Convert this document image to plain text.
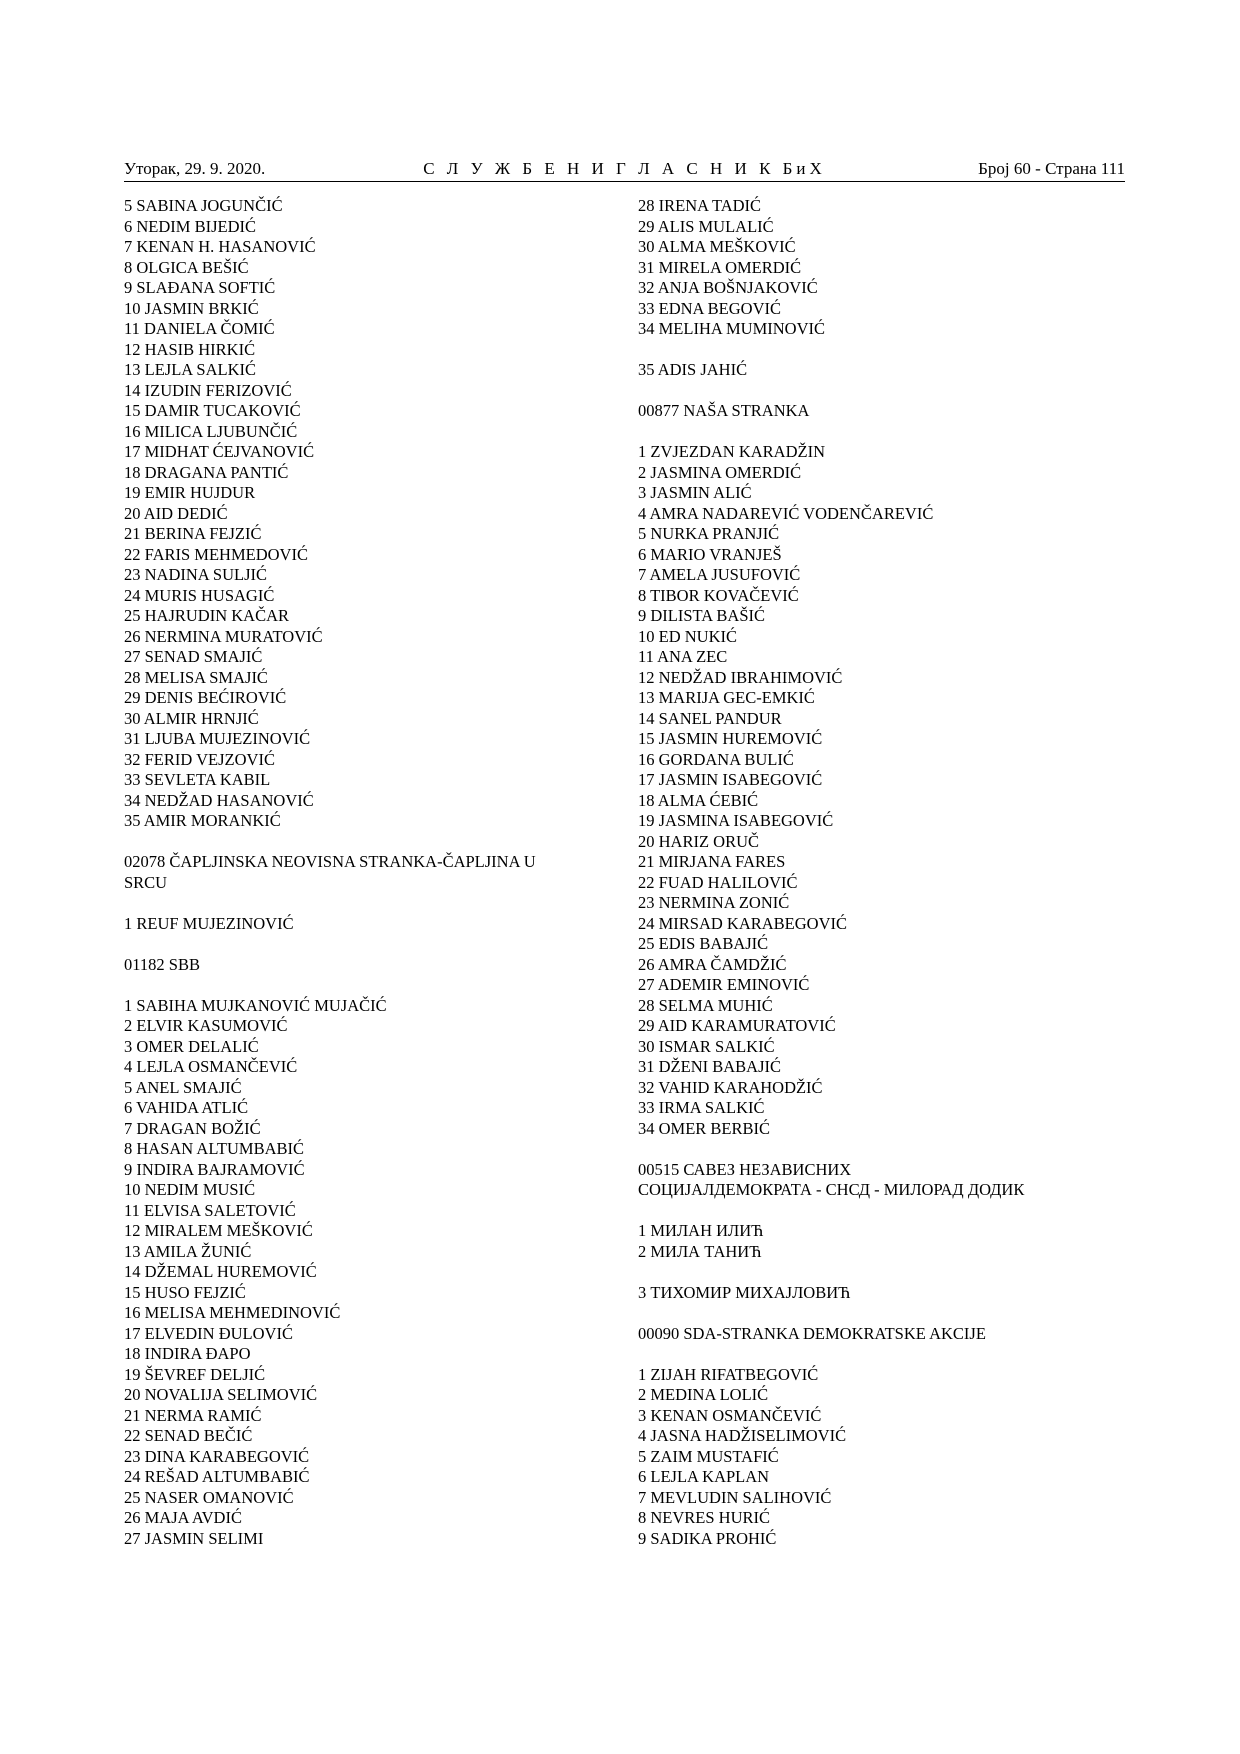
Уторак, 29. 9. 2020.	С Л У Ж Б Е Н И Г Л А С Н И К БиХ	Број 60 - Страна 111
5 SABINA JOGUNČIĆ
6 NEDIM BIJEDIĆ
7 KENAN H. HASANOVIĆ
8 OLGICA BEŠIĆ
9 SLAĐANA SOFTIĆ
10 JASMIN BRKIĆ
11 DANIELA ČOMIĆ
12 HASIB HIRKIĆ
13 LEJLA SALKIĆ
14 IZUDIN FERIZOVIĆ
15 DAMIR TUCAKOVIĆ
16 MILICA LJUBUNČIĆ
17 MIDHAT ĆEJVANOVIĆ
18 DRAGANA PANTIĆ
19 EMIR HUJDUR
20 AID DEDIĆ
21 BERINA FEJZIĆ
22 FARIS MEHMEDOVIĆ
23 NADINA SULJIĆ
24 MURIS HUSAGIĆ
25 HAJRUDIN KAČAR
26 NERMINA MURATOVIĆ
27 SENAD SMAJIĆ
28 MELISA SMAJIĆ
29 DENIS BEĆIROVIĆ
30 ALMIR HRNJIĆ
31 LJUBA MUJEZINOVIĆ
32 FERID VEJZOVIĆ
33 SEVLETA KABIL
34 NEDŽAD HASANOVIĆ
35 AMIR MORANKIĆ
02078 ČAPLJINSKA NEOVISNA STRANKA-ČAPLJINA U
SRCU
1 REUF MUJEZINOVIĆ
01182 SBB
1 SABIHA MUJKANOVIĆ MUJAČIĆ
2 ELVIR KASUMOVIĆ
3 OMER DELALIĆ
4 LEJLA OSMANČEVIĆ
5 ANEL SMAJIĆ
6 VAHIDA ATLIĆ
7 DRAGAN BOŽIĆ
8 HASAN ALTUMBABIĆ
9 INDIRA BAJRAMOVIĆ
10 NEDIM MUSIĆ
11 ELVISA SALETOVIĆ
12 MIRALEM MEŠKOVIĆ
13 AMILA ŽUNIĆ
14 DŽEMAL HUREMOVIĆ
15 HUSO FEJZIĆ
16 MELISA MEHMEDINOVIĆ
17 ELVEDIN ĐULOVIĆ
18 INDIRA ĐAPO
19 ŠEVREF DELJIĆ
20 NOVALIJA SELIMOVIĆ
21 NERMA RAMIĆ
22 SENAD BEČIĆ
23 DINA KARABEGOVIĆ
24 REŠAD ALTUMBABIĆ
25 NASER OMANOVIĆ
26 MAJA AVDIĆ
27 JASMIN SELIMI
28 IRENA TADIĆ
29 ALIS MULALIĆ
30 ALMA MEŠKOVIĆ
31 MIRELA OMERDIĆ
32 ANJA BOŠNJAKOVIĆ
33 EDNA BEGOVIĆ
34 MELIHA MUMINOVIĆ
35 ADIS JAHIĆ
00877 NAŠA STRANKA
1 ZVJEZDAN KARADŽIN
2 JASMINA OMERDIĆ
3 JASMIN ALIĆ
4 AMRA NADAREVIĆ VODENČAREVIĆ
5 NURKA PRANJIĆ
6 MARIO VRANJEŠ
7 AMELA JUSUFOVIĆ
8 TIBOR KOVAČEVIĆ
9 DILISTA BAŠIĆ
10 ED NUKIĆ
11 ANA ZEC
12 NEDŽAD IBRAHIMOVIĆ
13 MARIJA GEC-EMKIĆ
14 SANEL PANDUR
15 JASMIN HUREMOVIĆ
16 GORDANA BULIĆ
17 JASMIN ISABEGOVIĆ
18 ALMA ĆEBIĆ
19 JASMINA ISABEGOVIĆ
20 HARIZ ORUČ
21 MIRJANA FARES
22 FUAD HALILOVIĆ
23 NERMINA ZONIĆ
24 MIRSAD KARABEGOVIĆ
25 EDIS BABAJIĆ
26 AMRA ČAMDŽIĆ
27 ADEMIR EMINOVIĆ
28 SELMA MUHIĆ
29 AID KARAMURATOVIĆ
30 ISMAR SALKIĆ
31 DŽENI BABAJIĆ
32 VAHID KARAHODŽIĆ
33 IRMA SALKIĆ
34 OMER BERBIĆ
00515 САВЕЗ НЕЗАВИСНИХ
СОЦИЈАЛДЕМОКРАТА - СНСД - МИЛОРАД ДОДИК
1 МИЛАН ИЛИЋ
2 МИЛА ТАНИЋ
3 ТИХОМИР МИХАЈЛОВИЋ
00090 SDA-STRANKA DEMOKRATSKE AKCIJE
1 ZIJAH RIFATBEGOVIĆ
2 MEDINA LOLIĆ
3 KENAN OSMANČEVIĆ
4 JASNA HADŽISELIMOVIĆ
5 ZAIM MUSTAFIĆ
6 LEJLA KAPLAN
7 MEVLUDIN SALIHOVIĆ
8 NEVRES HURIĆ
9 SADIKA PROHIĆ
